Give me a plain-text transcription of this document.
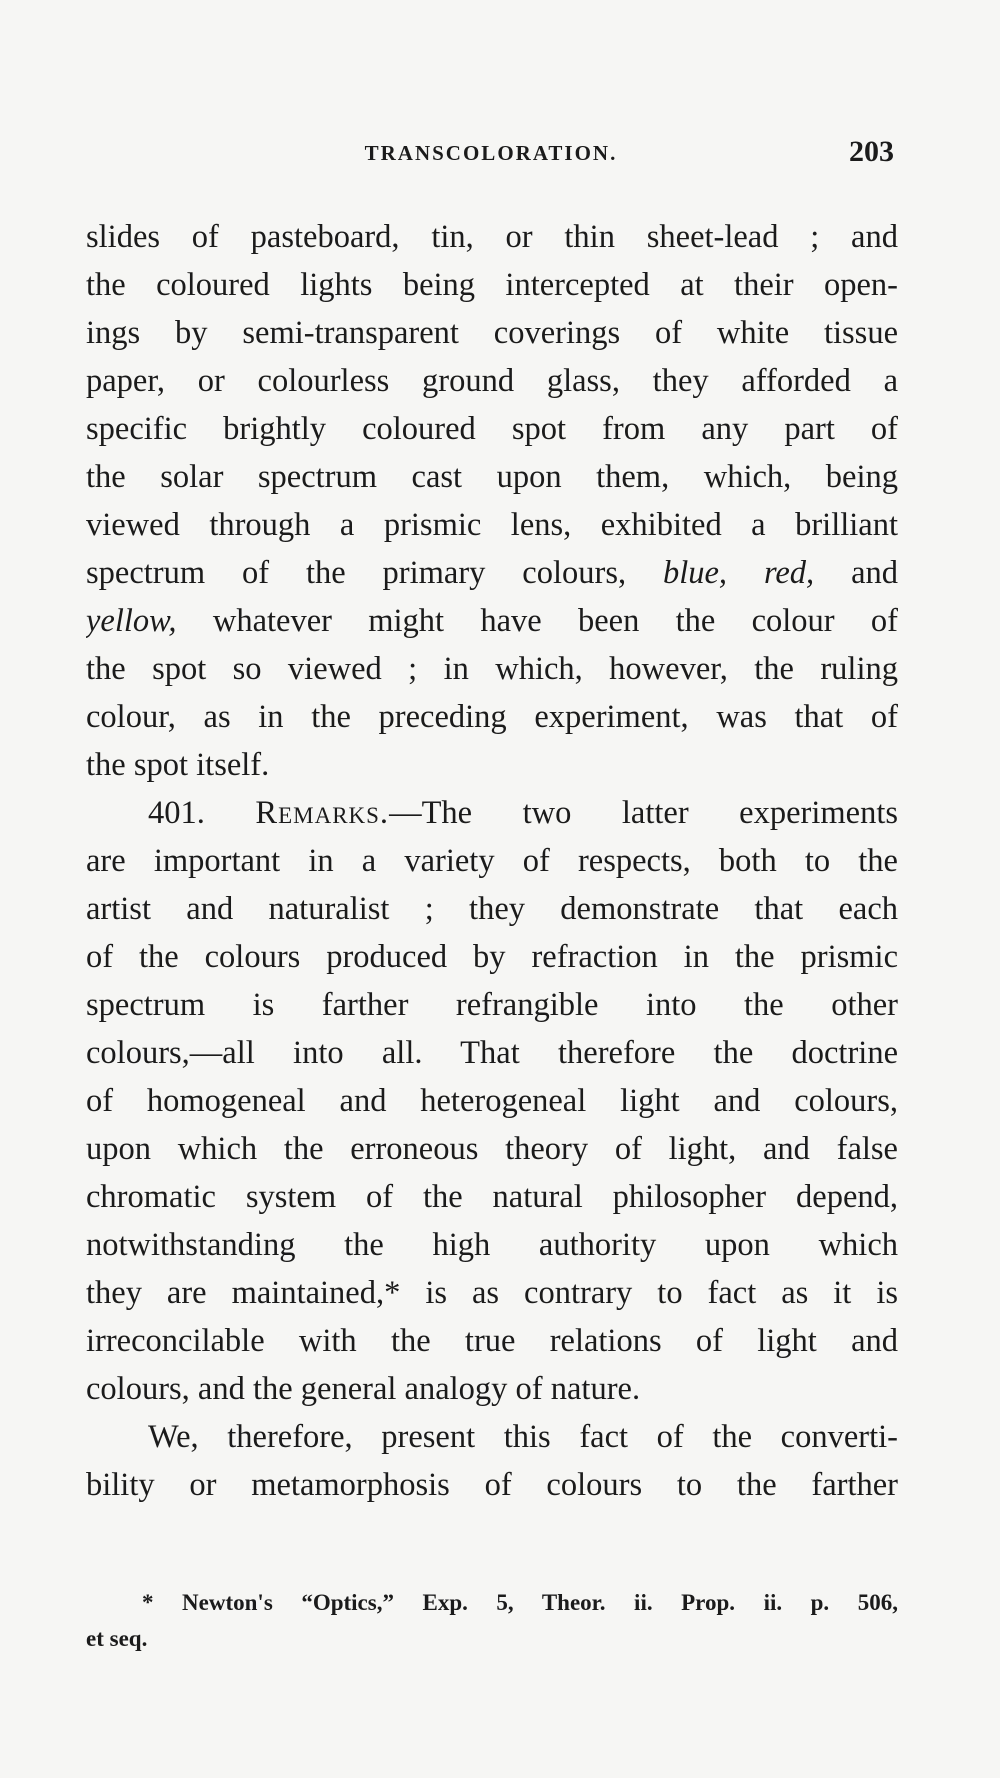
TRANSCOLORATION.	203
slides of pasteboard, tin, or thin sheet-lead ; and
the coloured lights being intercepted at their open-
ings by semi-transparent coverings of white tissue
paper, or colourless ground glass, they afforded a
specific brightly coloured spot from any part of
the solar spectrum cast upon them, which, being
viewed through a prismic lens, exhibited a brilliant
spectrum of the primary colours, blue, red, and
yellow, whatever might have been the colour of
the spot so viewed ; in which, however, the ruling
colour, as in the preceding experiment, was that of
the spot itself.
401. Remarks.—The two latter experiments
are important in a variety of respects, both to the
artist and naturalist ; they demonstrate that each
of the colours produced by refraction in the prismic
spectrum is farther refrangible into the other
colours,—all into all. That therefore the doctrine
of homogeneal and heterogeneal light and colours,
upon which the erroneous theory of light, and false
chromatic system of the natural philosopher depend,
notwithstanding the high authority upon which
they are maintained,* is as contrary to fact as it is
irreconcilable with the true relations of light and
colours, and the general analogy of nature.
We, therefore, present this fact of the converti-
bility or metamorphosis of colours to the farther
* Newton's “Optics,” Exp. 5, Theor. ii. Prop. ii. p. 506,
et seq.
